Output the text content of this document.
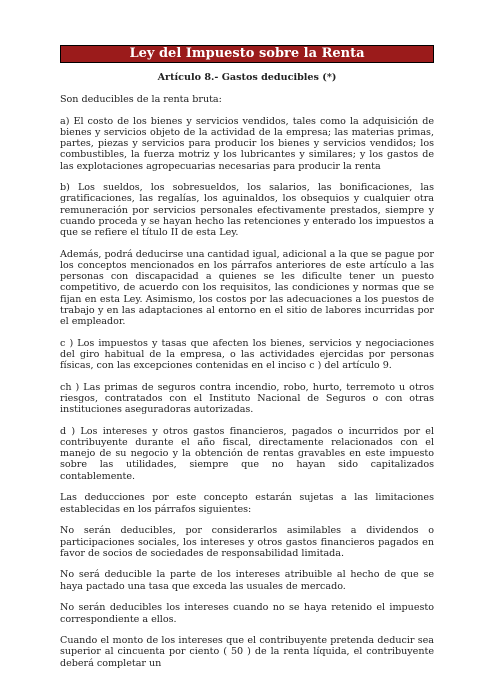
Ley del Impuesto sobre la Renta
Artículo 8.- Gastos deducibles (*)

Son deducibles de la renta bruta:

a) El costo de los bienes y servicios vendidos, tales como la adquisición de bienes y servicios objeto de la actividad de la empresa; las materias primas, partes, piezas y servicios para producir los bienes y servicios vendidos; los combustibles, la fuerza motriz y los lubricantes y similares; y los gastos de las explotaciones agropecuarias necesarias para producir la renta

b) Los sueldos, los sobresueldos, los salarios, las bonificaciones, las gratificaciones, las regalías, los aguinaldos, los obsequios y cualquier otra remuneración por servicios personales efectivamente prestados, siempre y cuando proceda y se hayan hecho las retenciones y enterado los impuestos a que se refiere el título II de esta Ley.

Además, podrá deducirse una cantidad igual, adicional a la que se pague por los conceptos mencionados en los párrafos anteriores de este artículo a las personas con discapacidad a quienes se les dificulte tener un puesto competitivo, de acuerdo con los requisitos, las condiciones y normas que se fijan en esta Ley. Asimismo, los costos por las adecuaciones a los puestos de trabajo y en las adaptaciones al entorno en el sitio de labores incurridas por el empleador.

c ) Los impuestos y tasas que afecten los bienes, servicios y negociaciones del giro habitual de la empresa, o las actividades ejercidas por personas físicas, con las excepciones contenidas en el inciso c ) del artículo 9.

ch ) Las primas de seguros contra incendio, robo, hurto, terremoto u otros riesgos, contratados con el Instituto Nacional de Seguros o con otras instituciones aseguradoras autorizadas.

d ) Los intereses y otros gastos financieros, pagados o incurridos por el contribuyente durante el año fiscal, directamente relacionados con el manejo de su negocio y la obtención de rentas gravables en este impuesto sobre las utilidades, siempre que no hayan sido capitalizados contablemente.

Las deducciones por este concepto estarán sujetas a las limitaciones establecidas en los párrafos siguientes:

No serán deducibles, por considerarlos asimilables a dividendos o participaciones sociales, los intereses y otros gastos financieros pagados en favor de socios de sociedades de responsabilidad limitada.

No será deducible la parte de los intereses atribuible al hecho de que se haya pactado una tasa que exceda las usuales de mercado.

No serán deducibles los intereses cuando no se haya retenido el impuesto correspondiente a ellos.

Cuando el monto de los intereses que el contribuyente pretenda deducir sea superior al cincuenta por ciento ( 50 ) de la renta líquida, el contribuyente deberá completar un
